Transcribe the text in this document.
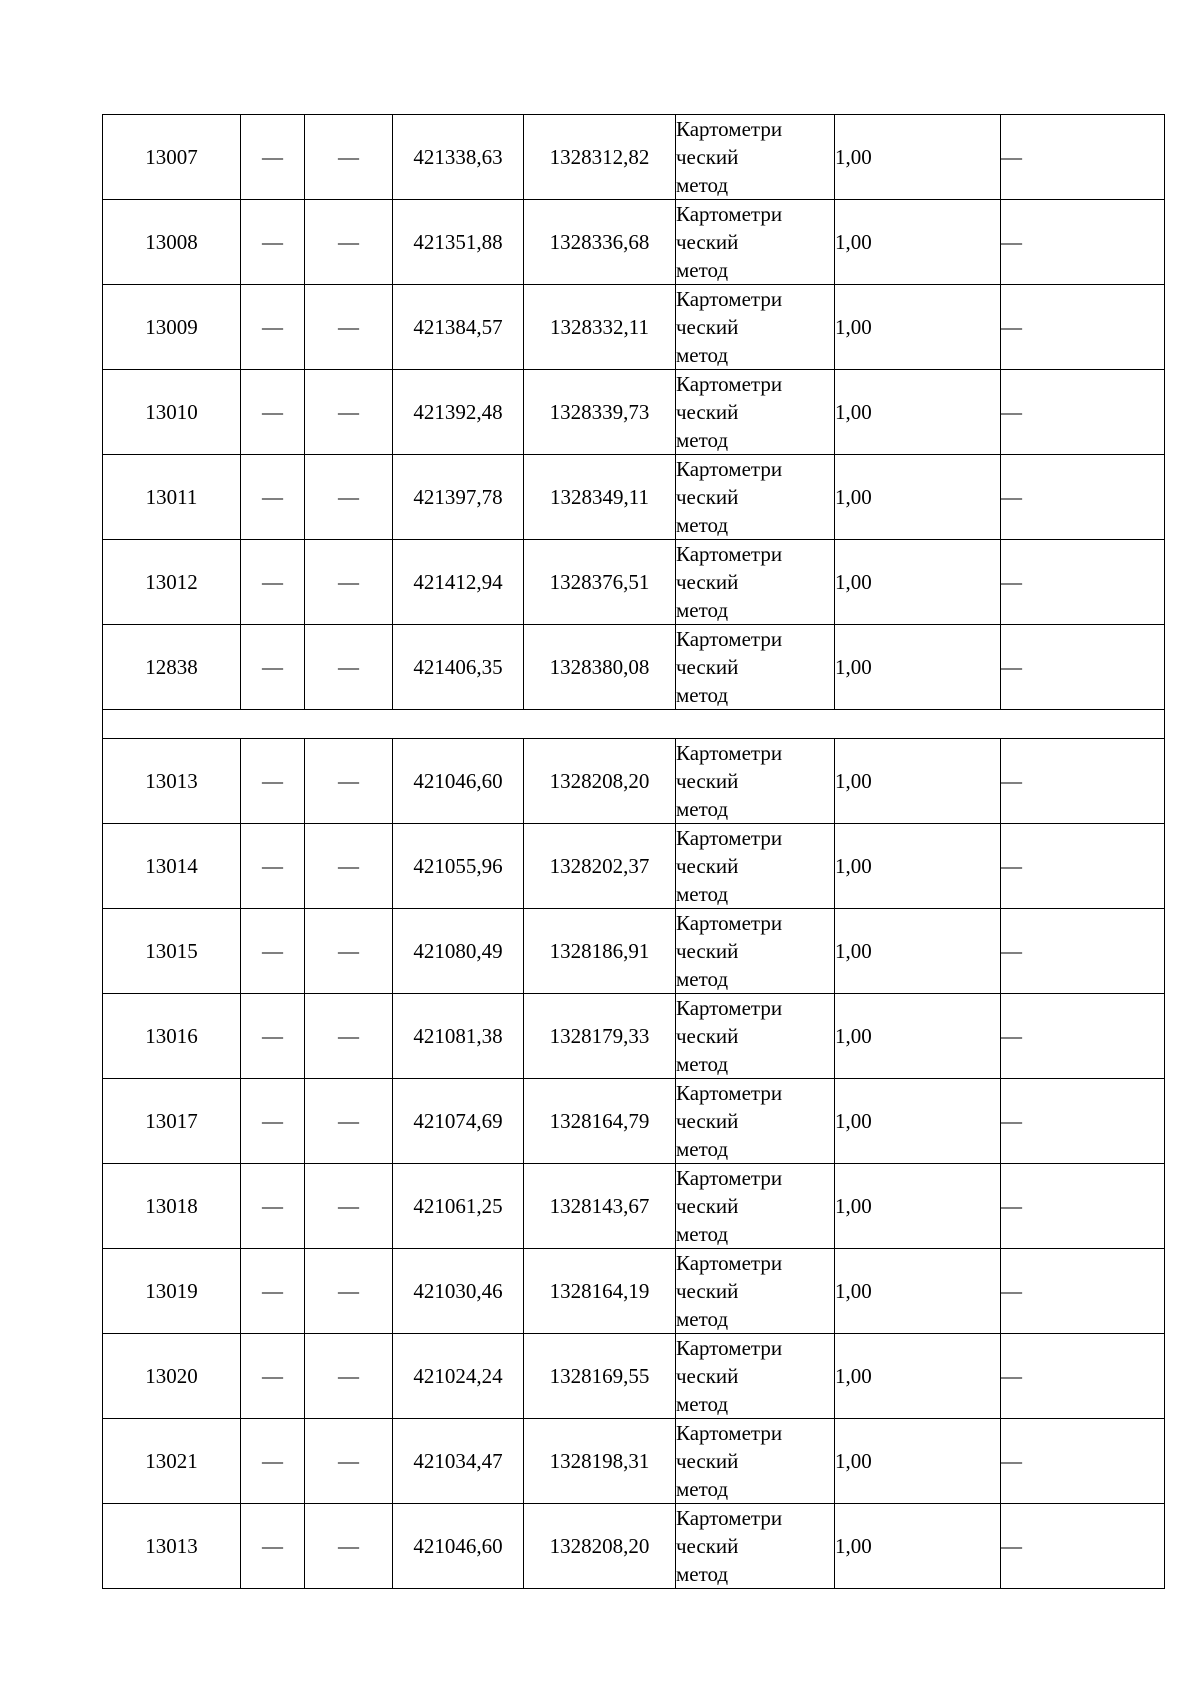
13007	—	—	421338,63	1328312,82	Картометри
ческий
метод	1,00	—
13008	—	—	421351,88	1328336,68	Картометри
ческий
метод	1,00	—
13009	—	—	421384,57	1328332,11	Картометри
ческий
метод	1,00	—
13010	—	—	421392,48	1328339,73	Картометри
ческий
метод	1,00	—
13011	—	—	421397,78	1328349,11	Картометри
ческий
метод	1,00	—
13012	—	—	421412,94	1328376,51	Картометри
ческий
метод	1,00	—
12838	—	—	421406,35	1328380,08	Картометри
ческий
метод	1,00	—

13013	—	—	421046,60	1328208,20	Картометри
ческий
метод	1,00	—
13014	—	—	421055,96	1328202,37	Картометри
ческий
метод	1,00	—
13015	—	—	421080,49	1328186,91	Картометри
ческий
метод	1,00	—
13016	—	—	421081,38	1328179,33	Картометри
ческий
метод	1,00	—
13017	—	—	421074,69	1328164,79	Картометри
ческий
метод	1,00	—
13018	—	—	421061,25	1328143,67	Картометри
ческий
метод	1,00	—
13019	—	—	421030,46	1328164,19	Картометри
ческий
метод	1,00	—
13020	—	—	421024,24	1328169,55	Картометри
ческий
метод	1,00	—
13021	—	—	421034,47	1328198,31	Картометри
ческий
метод	1,00	—
13013	—	—	421046,60	1328208,20	Картометри
ческий
метод	1,00	—
